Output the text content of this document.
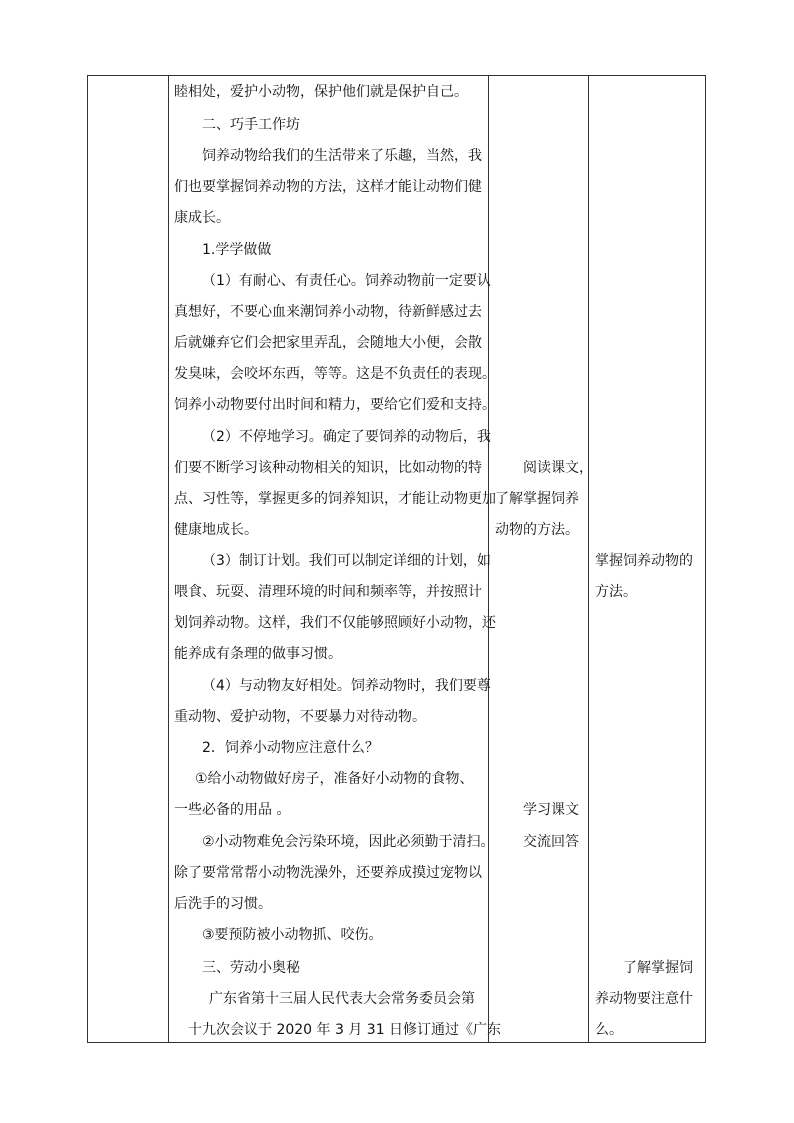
睦相处，爱护小动物，保护他们就是保护自己。
二、巧手工作坊
饲养动物给我们的生活带来了乐趣，当然，我
们也要掌握饲养动物的方法，这样才能让动物们健
康成长。
1.学学做做
（1）有耐心、有责任心。饲养动物前一定要认
真想好，不要心血来潮饲养小动物，待新鲜感过去
后就嫌弃它们会把家里弄乱，会随地大小便，会散
发臭味，会咬坏东西，等等。这是不负责任的表现。
饲养小动物要付出时间和精力，要给它们爱和支持。
（2）不停地学习。确定了要饲养的动物后，我
们要不断学习该种动物相关的知识，比如动物的特
点、习性等，掌握更多的饲养知识，才能让动物更加
健康地成长。
（3）制订计划。我们可以制定详细的计划，如
喂食、玩耍、清理环境的时间和频率等，并按照计
划饲养动物。这样，我们不仅能够照顾好小动物，还
能养成有条理的做事习惯。
（4）与动物友好相处。饲养动物时，我们要尊
重动物、爱护动物，不要暴力对待动物。
2．饲养小动物应注意什么？
①给小动物做好房子，准备好小动物的食物、
一些必备的用品 。
②小动物难免会污染环境，因此必须勤于清扫。
除了要常常帮小动物洗澡外，还要养成摸过宠物以
后洗手的习惯。
③要预防被小动物抓、咬伤。
三、劳动小奥秘
广东省第十三届人民代表大会常务委员会第
十九次会议于 2020 年 3 月 31 日修订通过《广东
阅读课文，
了解掌握饲养
动物的方法。
学习课文
交流回答
掌握饲养动物的
方法。
了解掌握饲
养动物要注意什
么。
